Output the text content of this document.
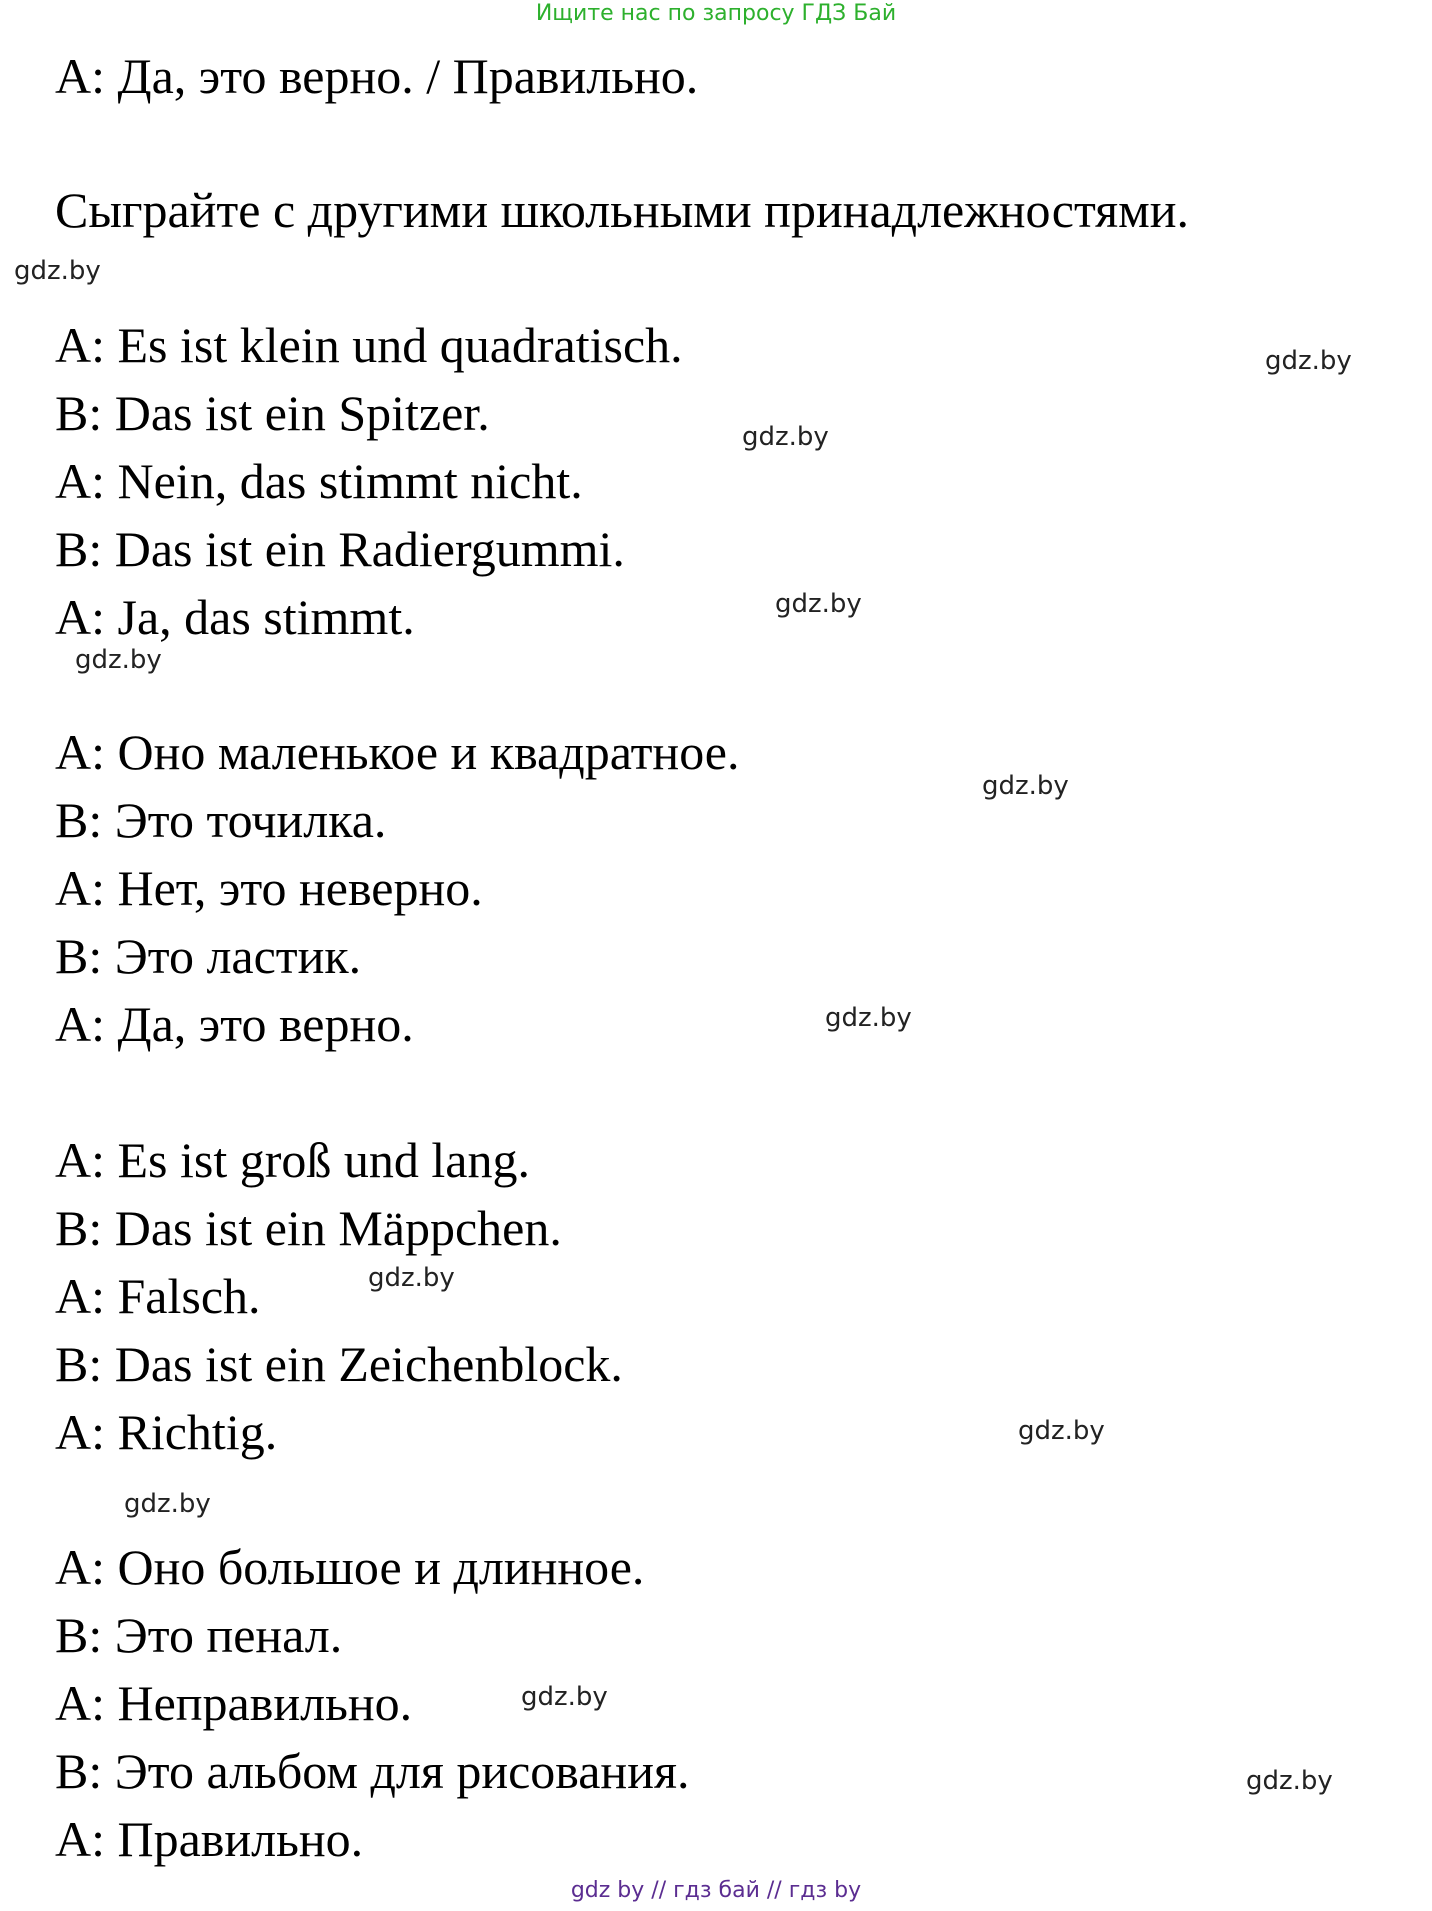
Ищите нас по запросу ГДЗ Бай
А: Да, это верно. / Правильно.
Сыграйте с другими школьными принадлежностями.
A: Es ist klein und quadratisch.
B: Das ist ein Spitzer.
A: Nein, das stimmt nicht.
B: Das ist ein Radiergummi.
A: Ja, das stimmt.
А: Оно маленькое и квадратное.
В: Это точилка.
А: Нет, это неверно.
В: Это ластик.
А: Да, это верно.
A: Es ist groß und lang.
B: Das ist ein Mäppchen.
A: Falsch.
B: Das ist ein Zeichenblock.
A: Richtig.
А: Оно большое и длинное.
В: Это пенал.
А: Неправильно.
В: Это альбом для рисования.
А: Правильно.
gdz.by
gdz.by
gdz.by
gdz.by
gdz.by
gdz.by
gdz.by
gdz.by
gdz.by
gdz.by
gdz.by
gdz.by
gdz by // гдз бай // гдз by
